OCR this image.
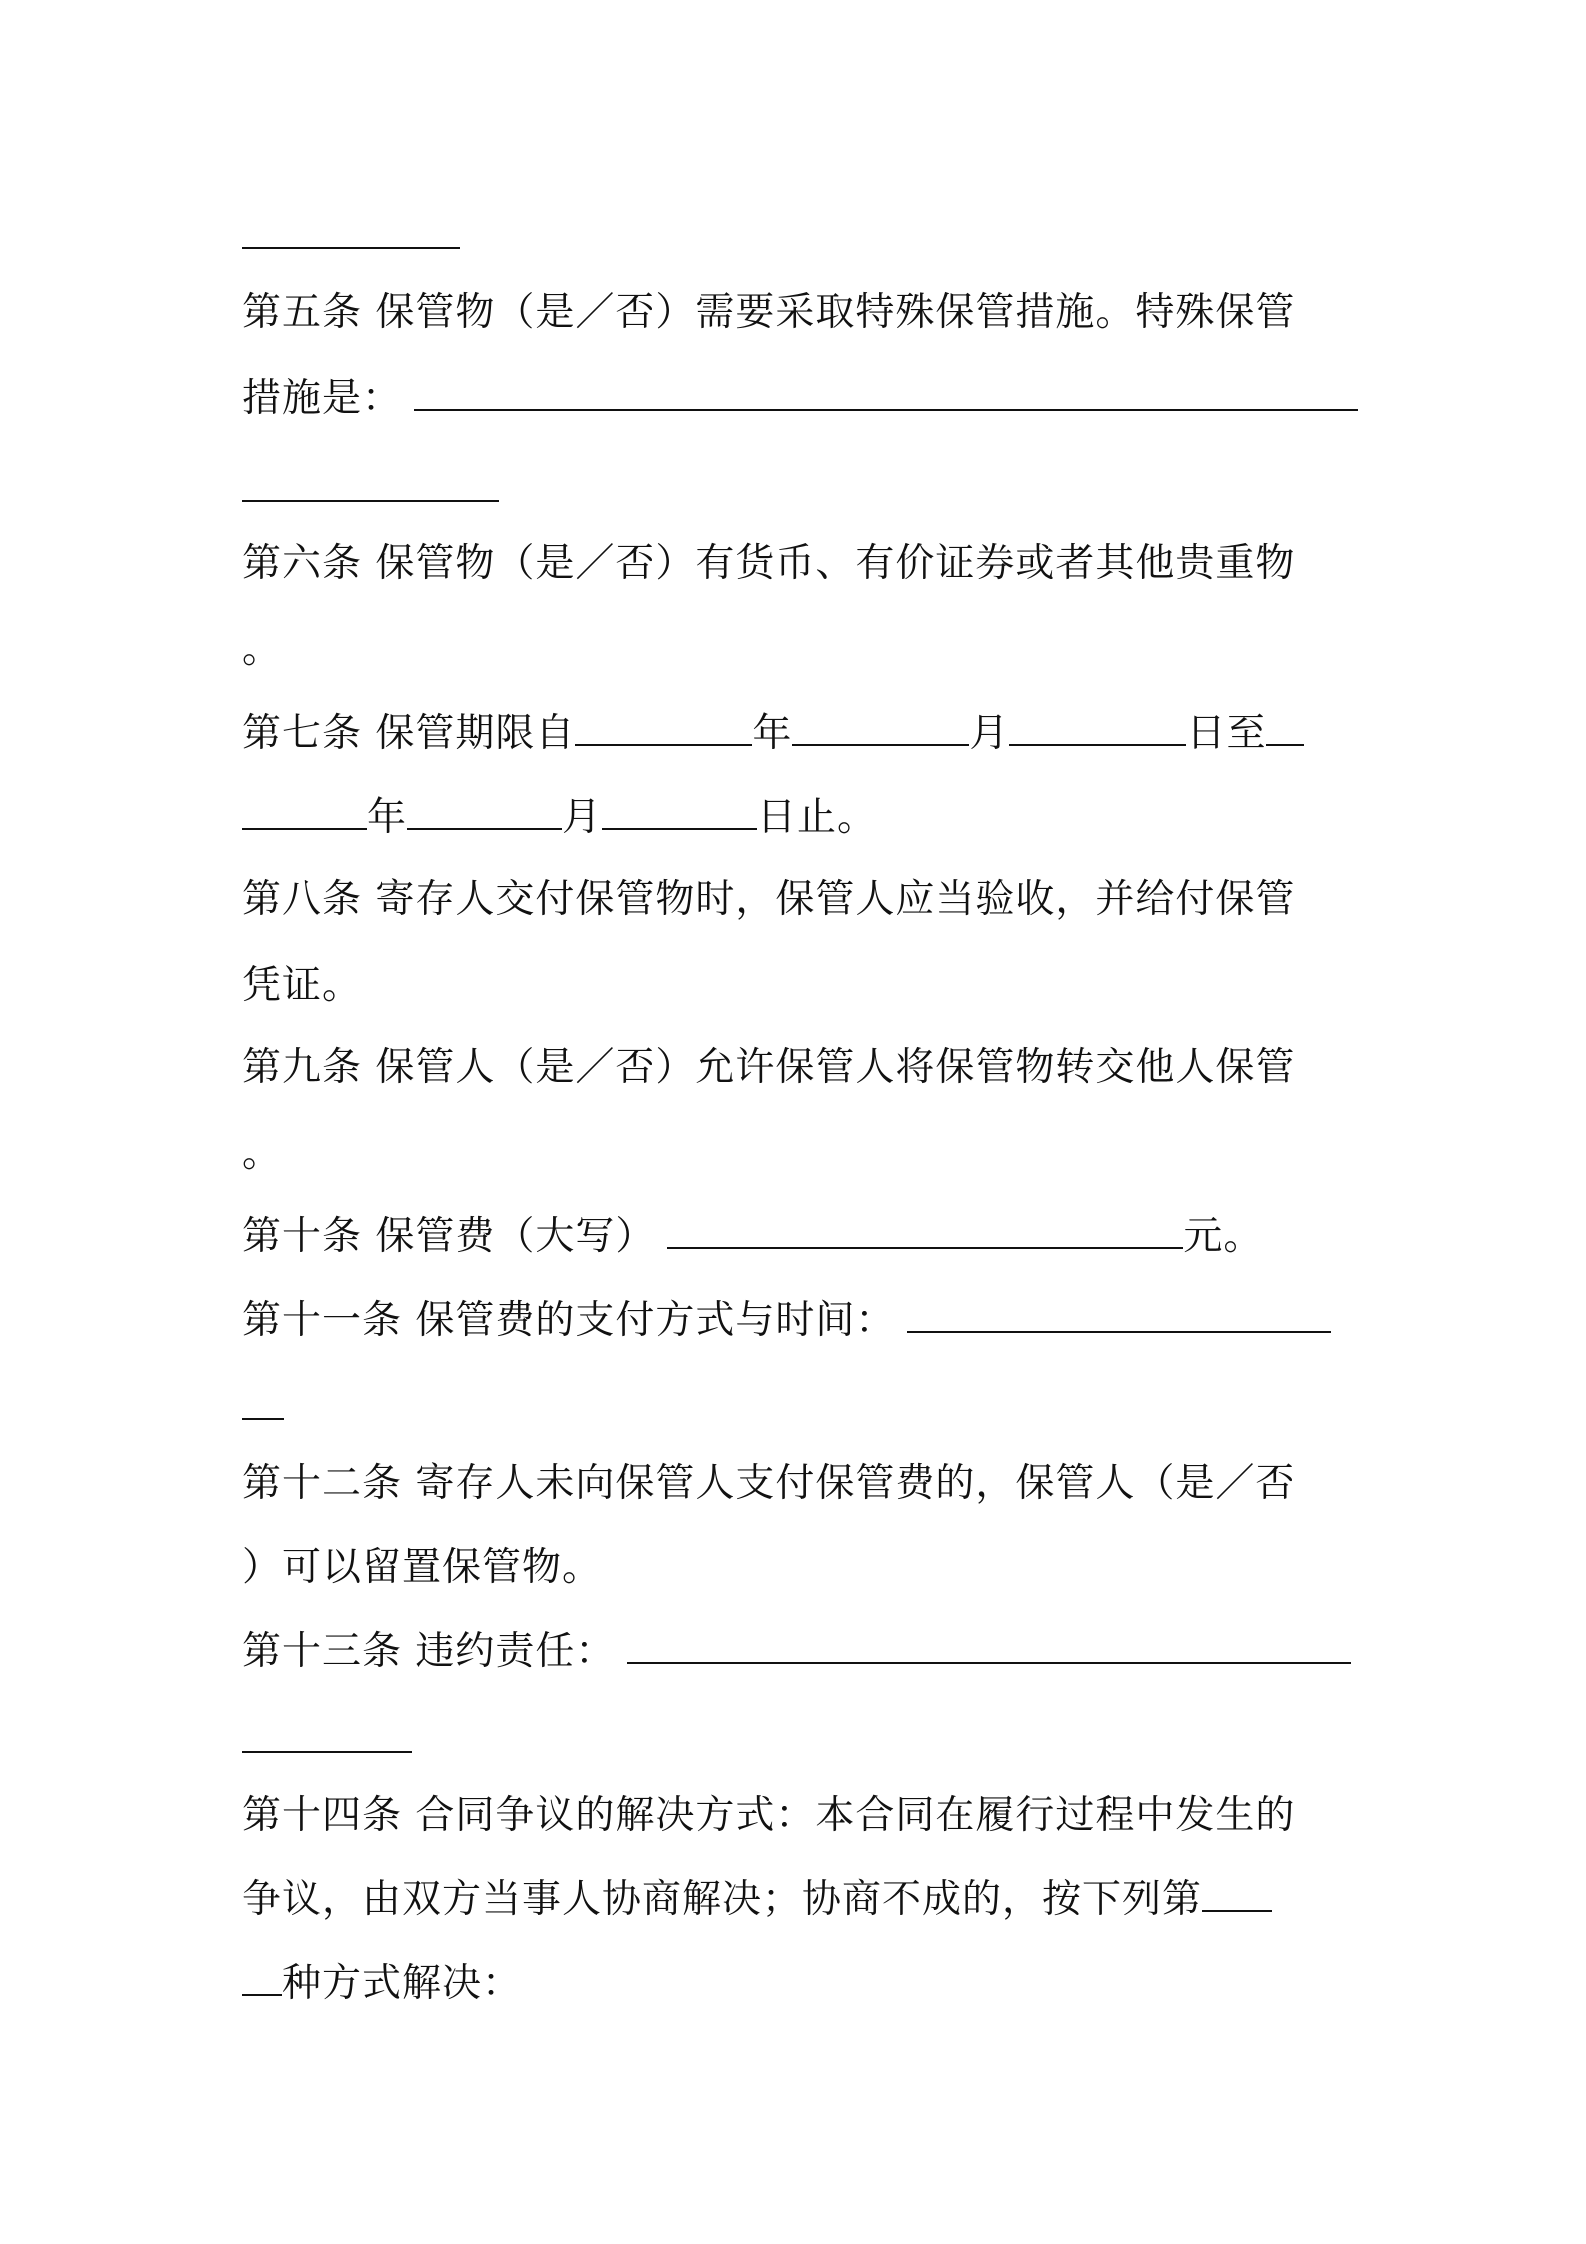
第五条 保管物（是／否）需要采取特殊保管措施。特殊保管
措施是：
第六条 保管物（是／否）有货币、有价证券或者其他贵重物
。
第七条 保管期限自	年	月	日至
年	月	日止。
第八条 寄存人交付保管物时，保管人应当验收，并给付保管
凭证。
第九条 保管人（是／否）允许保管人将保管物转交他人保管
。
第十条 保管费（大写）	元。
第十一条 保管费的支付方式与时间：
第十二条 寄存人未向保管人支付保管费的，保管人（是／否
）可以留置保管物。
第十三条 违约责任：
第十四条 合同争议的解决方式：本合同在履行过程中发生的
争议，由双方当事人协商解决；协商不成的，按下列第
种方式解决：
